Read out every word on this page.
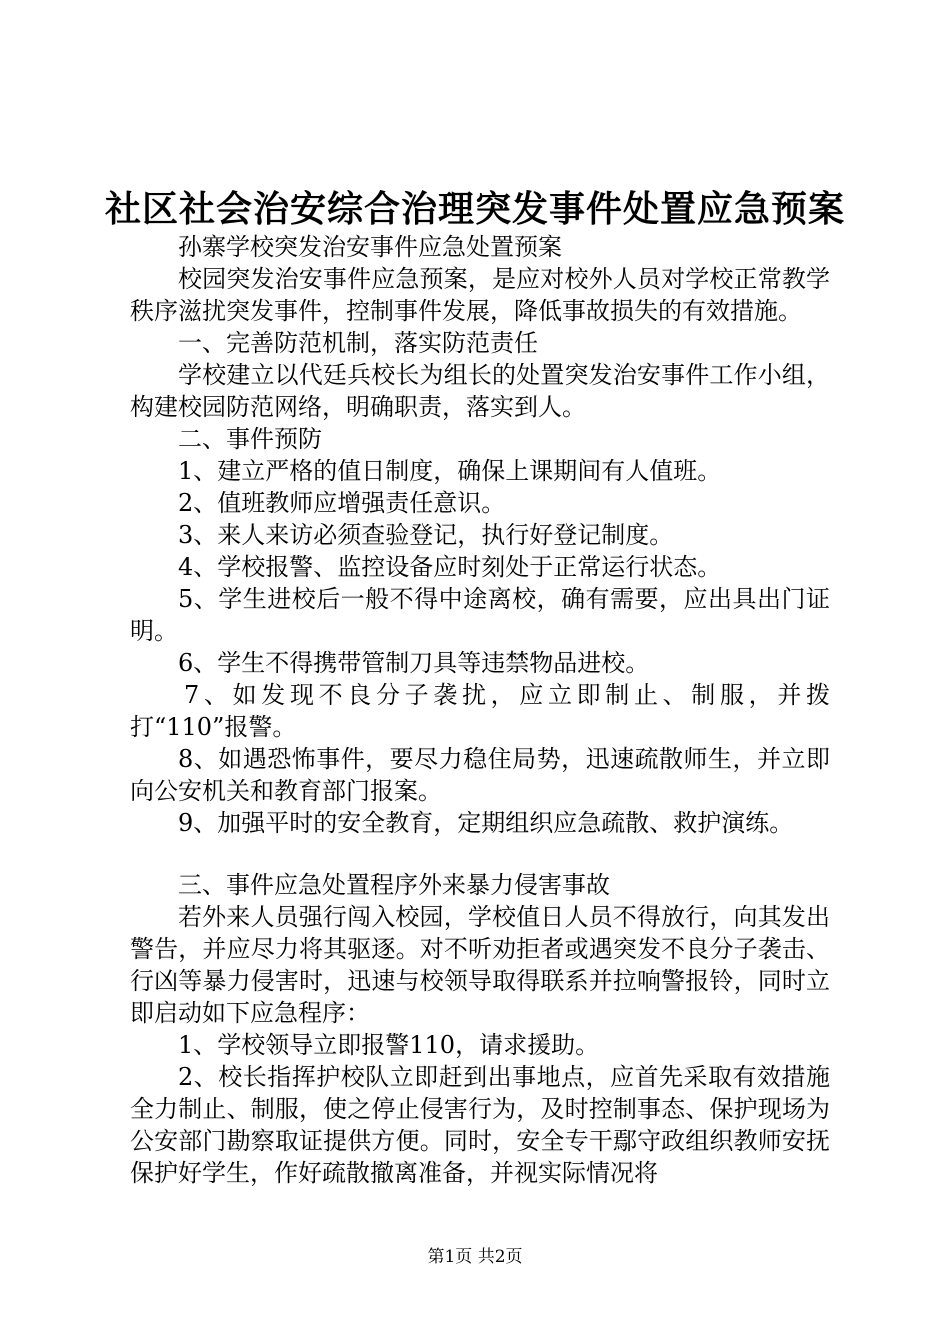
社区社会治安综合治理突发事件处置应急预案

孙寨学校突发治安事件应急处置预案

校园突发治安事件应急预案，是应对校外人员对学校正常教学秩序滋扰突发事件，控制事件发展，降低事故损失的有效措施。

一、完善防范机制，落实防范责任

学校建立以代廷兵校长为组长的处置突发治安事件工作小组，构建校园防范网络，明确职责，落实到人。

二、事件预防

1、建立严格的值日制度，确保上课期间有人值班。

2、值班教师应增强责任意识。

3、来人来访必须查验登记，执行好登记制度。

4、学校报警、监控设备应时刻处于正常运行状态。

5、学生进校后一般不得中途离校，确有需要，应出具出门证明。

6、学生不得携带管制刀具等违禁物品进校。

7、如发现不良分子袭扰，应立即制止、制服，并拨打“110”报警。

8、如遇恐怖事件，要尽力稳住局势，迅速疏散师生，并立即向公安机关和教育部门报案。

9、加强平时的安全教育，定期组织应急疏散、救护演练。

三、事件应急处置程序外来暴力侵害事故

若外来人员强行闯入校园，学校值日人员不得放行，向其发出警告，并应尽力将其驱逐。对不听劝拒者或遇突发不良分子袭击、行凶等暴力侵害时，迅速与校领导取得联系并拉响警报铃，同时立即启动如下应急程序：

1、学校领导立即报警110，请求援助。

2、校长指挥护校队立即赶到出事地点，应首先采取有效措施全力制止、制服，使之停止侵害行为，及时控制事态、保护现场为公安部门勘察取证提供方便。同时，安全专干鄢守政组织教师安抚保护好学生，作好疏散撤离准备，并视实际情况将

第1页 共2页
